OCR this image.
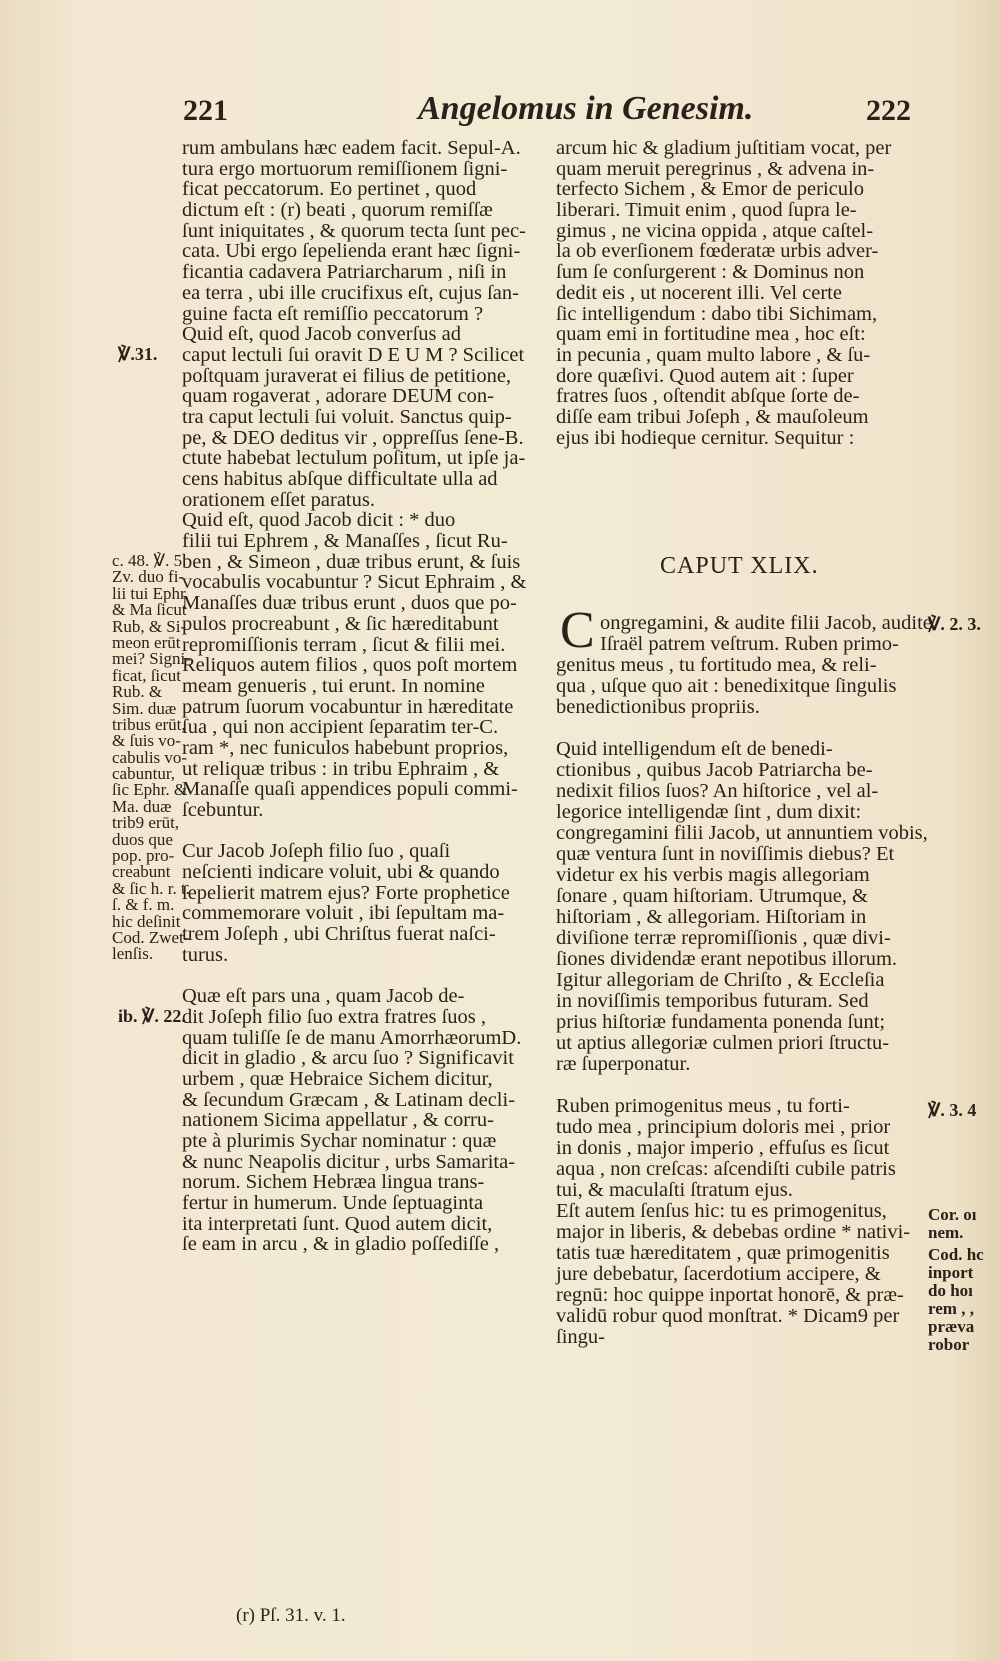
221	Angelomus in Genesim.	222
rum ambulans hæc eadem facit. Sepul-A.
tura ergo mortuorum remiſſionem ſigni-
ficat peccatorum. Eo pertinet , quod
dictum eſt : (r) beati , quorum remiſſæ
ſunt iniquitates , & quorum tecta ſunt pec-
cata. Ubi ergo ſepelienda erant hæc ſigni-
ficantia cadavera Patriarcharum , niſi in
ea terra , ubi ille crucifixus eſt, cujus ſan-
guine facta eſt remiſſio peccatorum ?
Quid eſt, quod Jacob converſus ad
caput lectuli ſui oravit D E U M ? Scilicet
poſtquam juraverat ei filius de petitione,
quam rogaverat , adorare DEUM con-
tra caput lectuli ſui voluit. Sanctus quip-
pe, & DEO deditus vir , oppreſſus ſene-B.
ctute habebat lectulum poſitum, ut ipſe ja-
cens habitus abſque difficultate ulla ad
orationem eſſet paratus.
Quid eſt, quod Jacob dicit : * duo
filii tui Ephrem , & Manaſſes , ſicut Ru-
ben , & Simeon , duæ tribus erunt, & ſuis
vocabulis vocabuntur ? Sicut Ephraim , &
Manaſſes duæ tribus erunt , duos que po-
pulos procreabunt , & ſic hæreditabunt
repromiſſionis terram , ſicut & filii mei.
Reliquos autem filios , quos poſt mortem
meam genueris , tui erunt. In nomine
patrum ſuorum vocabuntur in hæreditate
ſua , qui non accipient ſeparatim ter-C.
ram *, nec funiculos habebunt proprios,
ut reliquæ tribus : in tribu Ephraim , &
Manaſſe quaſi appendices populi commi-
ſcebuntur.
Cur Jacob Joſeph filio ſuo , quaſi
neſcienti indicare voluit, ubi & quando
ſepelierit matrem ejus? Forte prophetice
commemorare voluit , ibi ſepultam ma-
trem Joſeph , ubi Chriſtus fuerat naſci-
turus.
Quæ eſt pars una , quam Jacob de-
dit Joſeph filio ſuo extra fratres ſuos ,
quam tuliſſe ſe de manu AmorrhæorumD.
dicit in gladio , & arcu ſuo ? Significavit
urbem , quæ Hebraice Sichem dicitur,
& ſecundum Græcam , & Latinam decli-
nationem Sicima appellatur , & corru-
pte à plurimis Sychar nominatur : quæ
& nunc Neapolis dicitur , urbs Samarita-
norum. Sichem Hebræa lingua trans-
fertur in humerum. Unde ſeptuaginta
ita interpretati ſunt. Quod autem dicit,
ſe eam in arcu , & in gladio poſſediſſe ,
arcum hic & gladium juſtitiam vocat, per
quam meruit peregrinus , & advena in-
terfecto Sichem , & Emor de periculo
liberari. Timuit enim , quod ſupra le-
gimus , ne vicina oppida , atque caſtel-
la ob everſionem fœderatæ urbis adver-
ſum ſe conſurgerent : & Dominus non
dedit eis , ut nocerent illi. Vel certe
ſic intelligendum : dabo tibi Sichimam,
quam emi in fortitudine mea , hoc eſt:
in pecunia , quam multo labore , & ſu-
dore quæſivi. Quod autem ait : ſuper
fratres ſuos , oſtendit abſque ſorte de-
diſſe eam tribui Joſeph , & mauſoleum
ejus ibi hodieque cernitur. Sequitur :
CAPUT XLIX.
C ongregamini, & audite filii Jacob, audite
Iſraël patrem veſtrum. Ruben primo-
genitus meus , tu fortitudo mea, & reli-
qua , uſque quo ait : benedixitque ſingulis
benedictionibus propriis.
Quid intelligendum eſt de benedi-
ctionibus , quibus Jacob Patriarcha be-
nedixit filios ſuos? An hiſtorice , vel al-
legorice intelligendæ ſint , dum dixit:
congregamini filii Jacob, ut annuntiem vobis,
quæ ventura ſunt in noviſſimis diebus? Et
videtur ex his verbis magis allegoriam
ſonare , quam hiſtoriam. Utrumque, &
hiſtoriam , & allegoriam. Hiſtoriam in
diviſione terræ repromiſſionis , quæ divi-
ſiones dividendæ erant nepotibus illorum.
Igitur allegoriam de Chriſto , & Eccleſia
in noviſſimis temporibus futuram. Sed
prius hiſtoriæ fundamenta ponenda ſunt;
ut aptius allegoriæ culmen priori ſtructu-
ræ ſuperponatur.
Ruben primogenitus meus , tu forti-
tudo mea , principium doloris mei , prior
in donis , major imperio , effuſus es ſicut
aqua , non creſcas: aſcendiſti cubile patris
tui, & maculaſti ſtratum ejus.
Eſt autem ſenſus hic: tu es primogenitus,
major in liberis, & debebas ordine * nativi-
tatis tuæ hæreditatem , quæ primogenitis
jure debebatur, ſacerdotium accipere, &
regnū: hoc quippe inportat honorē, & præ-
validū robur quod monſtrat. * Dicam9 per
ſingu-
℣.31.
c. 48. ℣. 5.
Zv. duo fi-
lii tui Ephr.
& Ma ſicut
Rub, & Si-
meon erūt
mei? Signi-
ficat, ſicut
Rub. &
Sim. duæ
tribus erūt,
& ſuis vo-
cabulis vo-
cabuntur,
ſic Ephr. &
Ma. duæ
trib9 erūt,
duos que
pop. pro-
creabunt
& ſic h. r. t.
ſ. & f. m.
hic deſinit
Cod. Zwet-
lenſis.
ib. ℣. 22.
℣. 2. 3.
℣. 3. 4
Cor. oı
nem.
Cod. hc
inport
do hoı
rem , ,
præva
robor
(r) Pſ. 31. v. 1.
